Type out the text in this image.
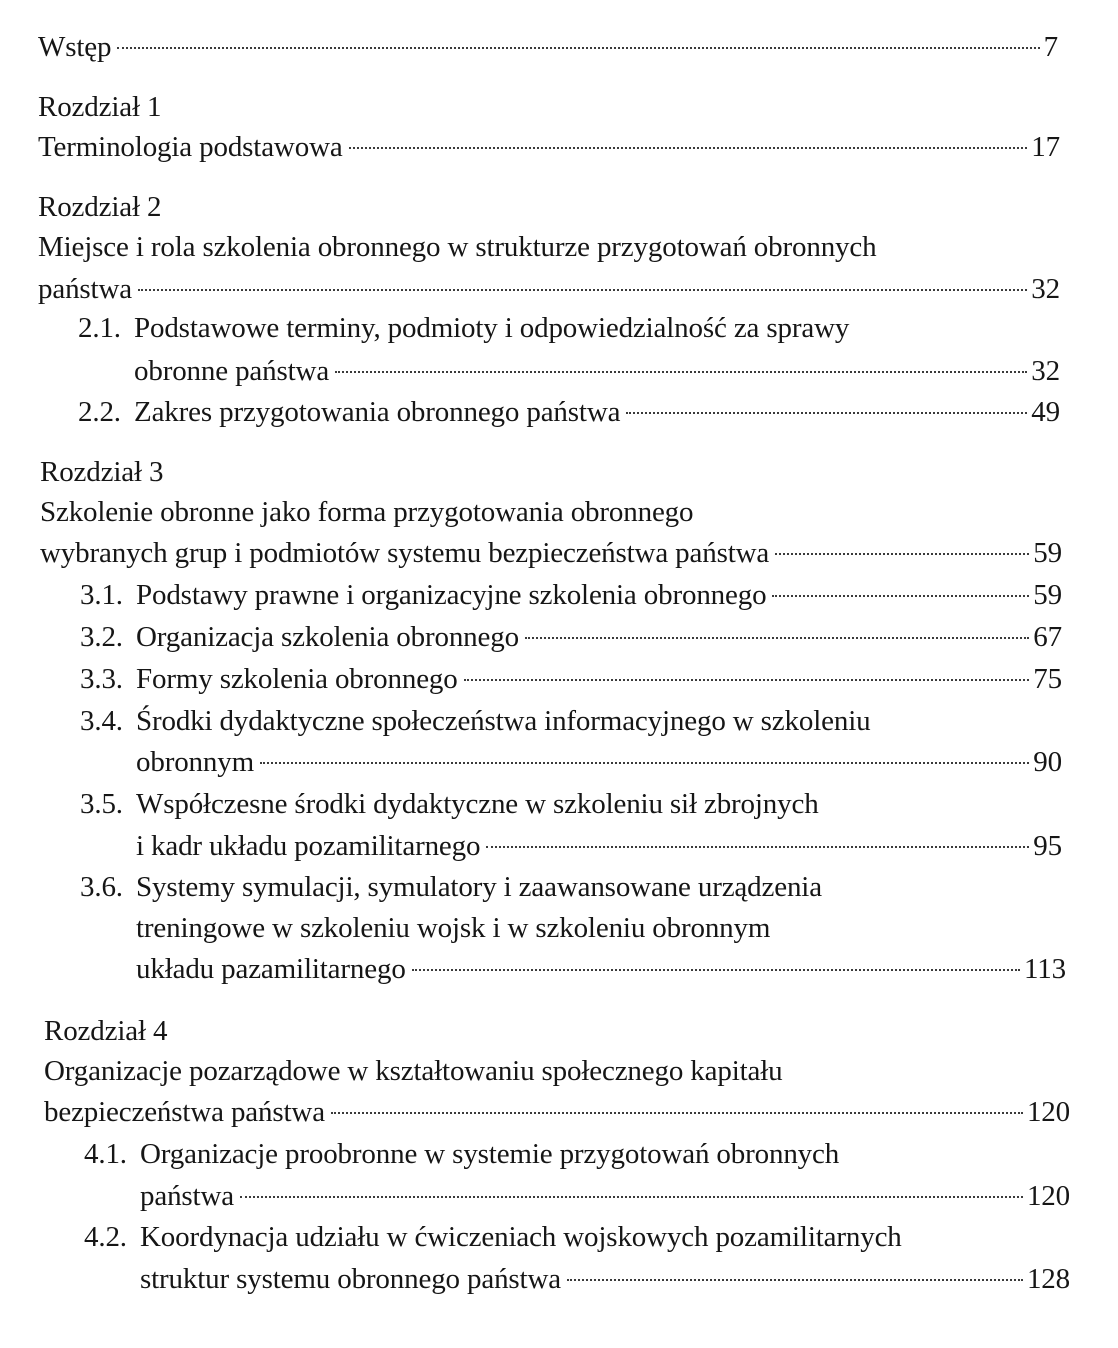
Wstęp	7
Rozdział 1
Terminologia podstawowa	17
Rozdział 2
Miejsce i rola szkolenia obronnego w strukturze przygotowań obronnych
państwa	32
2.1. Podstawowe terminy, podmioty i odpowiedzialność za sprawy
obronne państwa	32
2.2. Zakres przygotowania obronnego państwa	49
Rozdział 3
Szkolenie obronne jako forma przygotowania obronnego
wybranych grup i podmiotów systemu bezpieczeństwa państwa	59
3.1. Podstawy prawne i organizacyjne szkolenia obronnego	59
3.2. Organizacja szkolenia obronnego	67
3.3. Formy szkolenia obronnego	75
3.4. Środki dydaktyczne społeczeństwa informacyjnego w szkoleniu
obronnym	90
3.5. Współczesne środki dydaktyczne w szkoleniu sił zbrojnych
i kadr układu pozamilitarnego	95
3.6. Systemy symulacji, symulatory i zaawansowane urządzenia
treningowe w szkoleniu wojsk i w szkoleniu obronnym
układu pazamilitarnego	113
Rozdział 4
Organizacje pozarządowe w kształtowaniu społecznego kapitału
bezpieczeństwa państwa	120
4.1. Organizacje proobronne w systemie przygotowań obronnych
państwa	120
4.2. Koordynacja udziału w ćwiczeniach wojskowych pozamilitarnych
struktur systemu obronnego państwa	128
